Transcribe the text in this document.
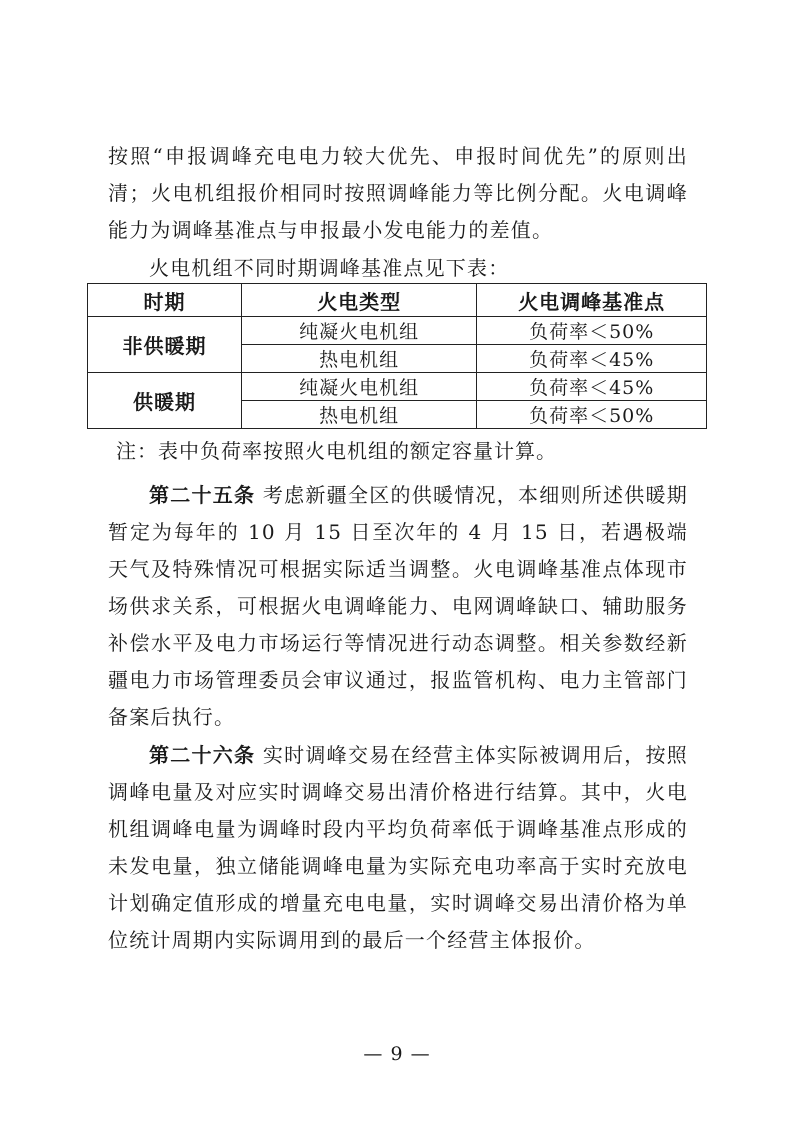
按照“申报调峰充电电力较大优先、申报时间优先”的原则出清；火电机组报价相同时按照调峰能力等比例分配。火电调峰能力为调峰基准点与申报最小发电能力的差值。

火电机组不同时期调峰基准点见下表：

时期	火电类型	火电调峰基准点
非供暖期	纯凝火电机组	负荷率＜50%
	热电机组	负荷率＜45%
供暖期	纯凝火电机组	负荷率＜45%
	热电机组	负荷率＜50%

注：表中负荷率按照火电机组的额定容量计算。

第二十五条 考虑新疆全区的供暖情况，本细则所述供暖期暂定为每年的 10 月 15 日至次年的 4 月 15 日，若遇极端天气及特殊情况可根据实际适当调整。火电调峰基准点体现市场供求关系，可根据火电调峰能力、电网调峰缺口、辅助服务补偿水平及电力市场运行等情况进行动态调整。相关参数经新疆电力市场管理委员会审议通过，报监管机构、电力主管部门备案后执行。

第二十六条 实时调峰交易在经营主体实际被调用后，按照调峰电量及对应实时调峰交易出清价格进行结算。其中，火电机组调峰电量为调峰时段内平均负荷率低于调峰基准点形成的未发电量，独立储能调峰电量为实际充电功率高于实时充放电计划确定值形成的增量充电电量，实时调峰交易出清价格为单位统计周期内实际调用到的最后一个经营主体报价。

— 9 —
